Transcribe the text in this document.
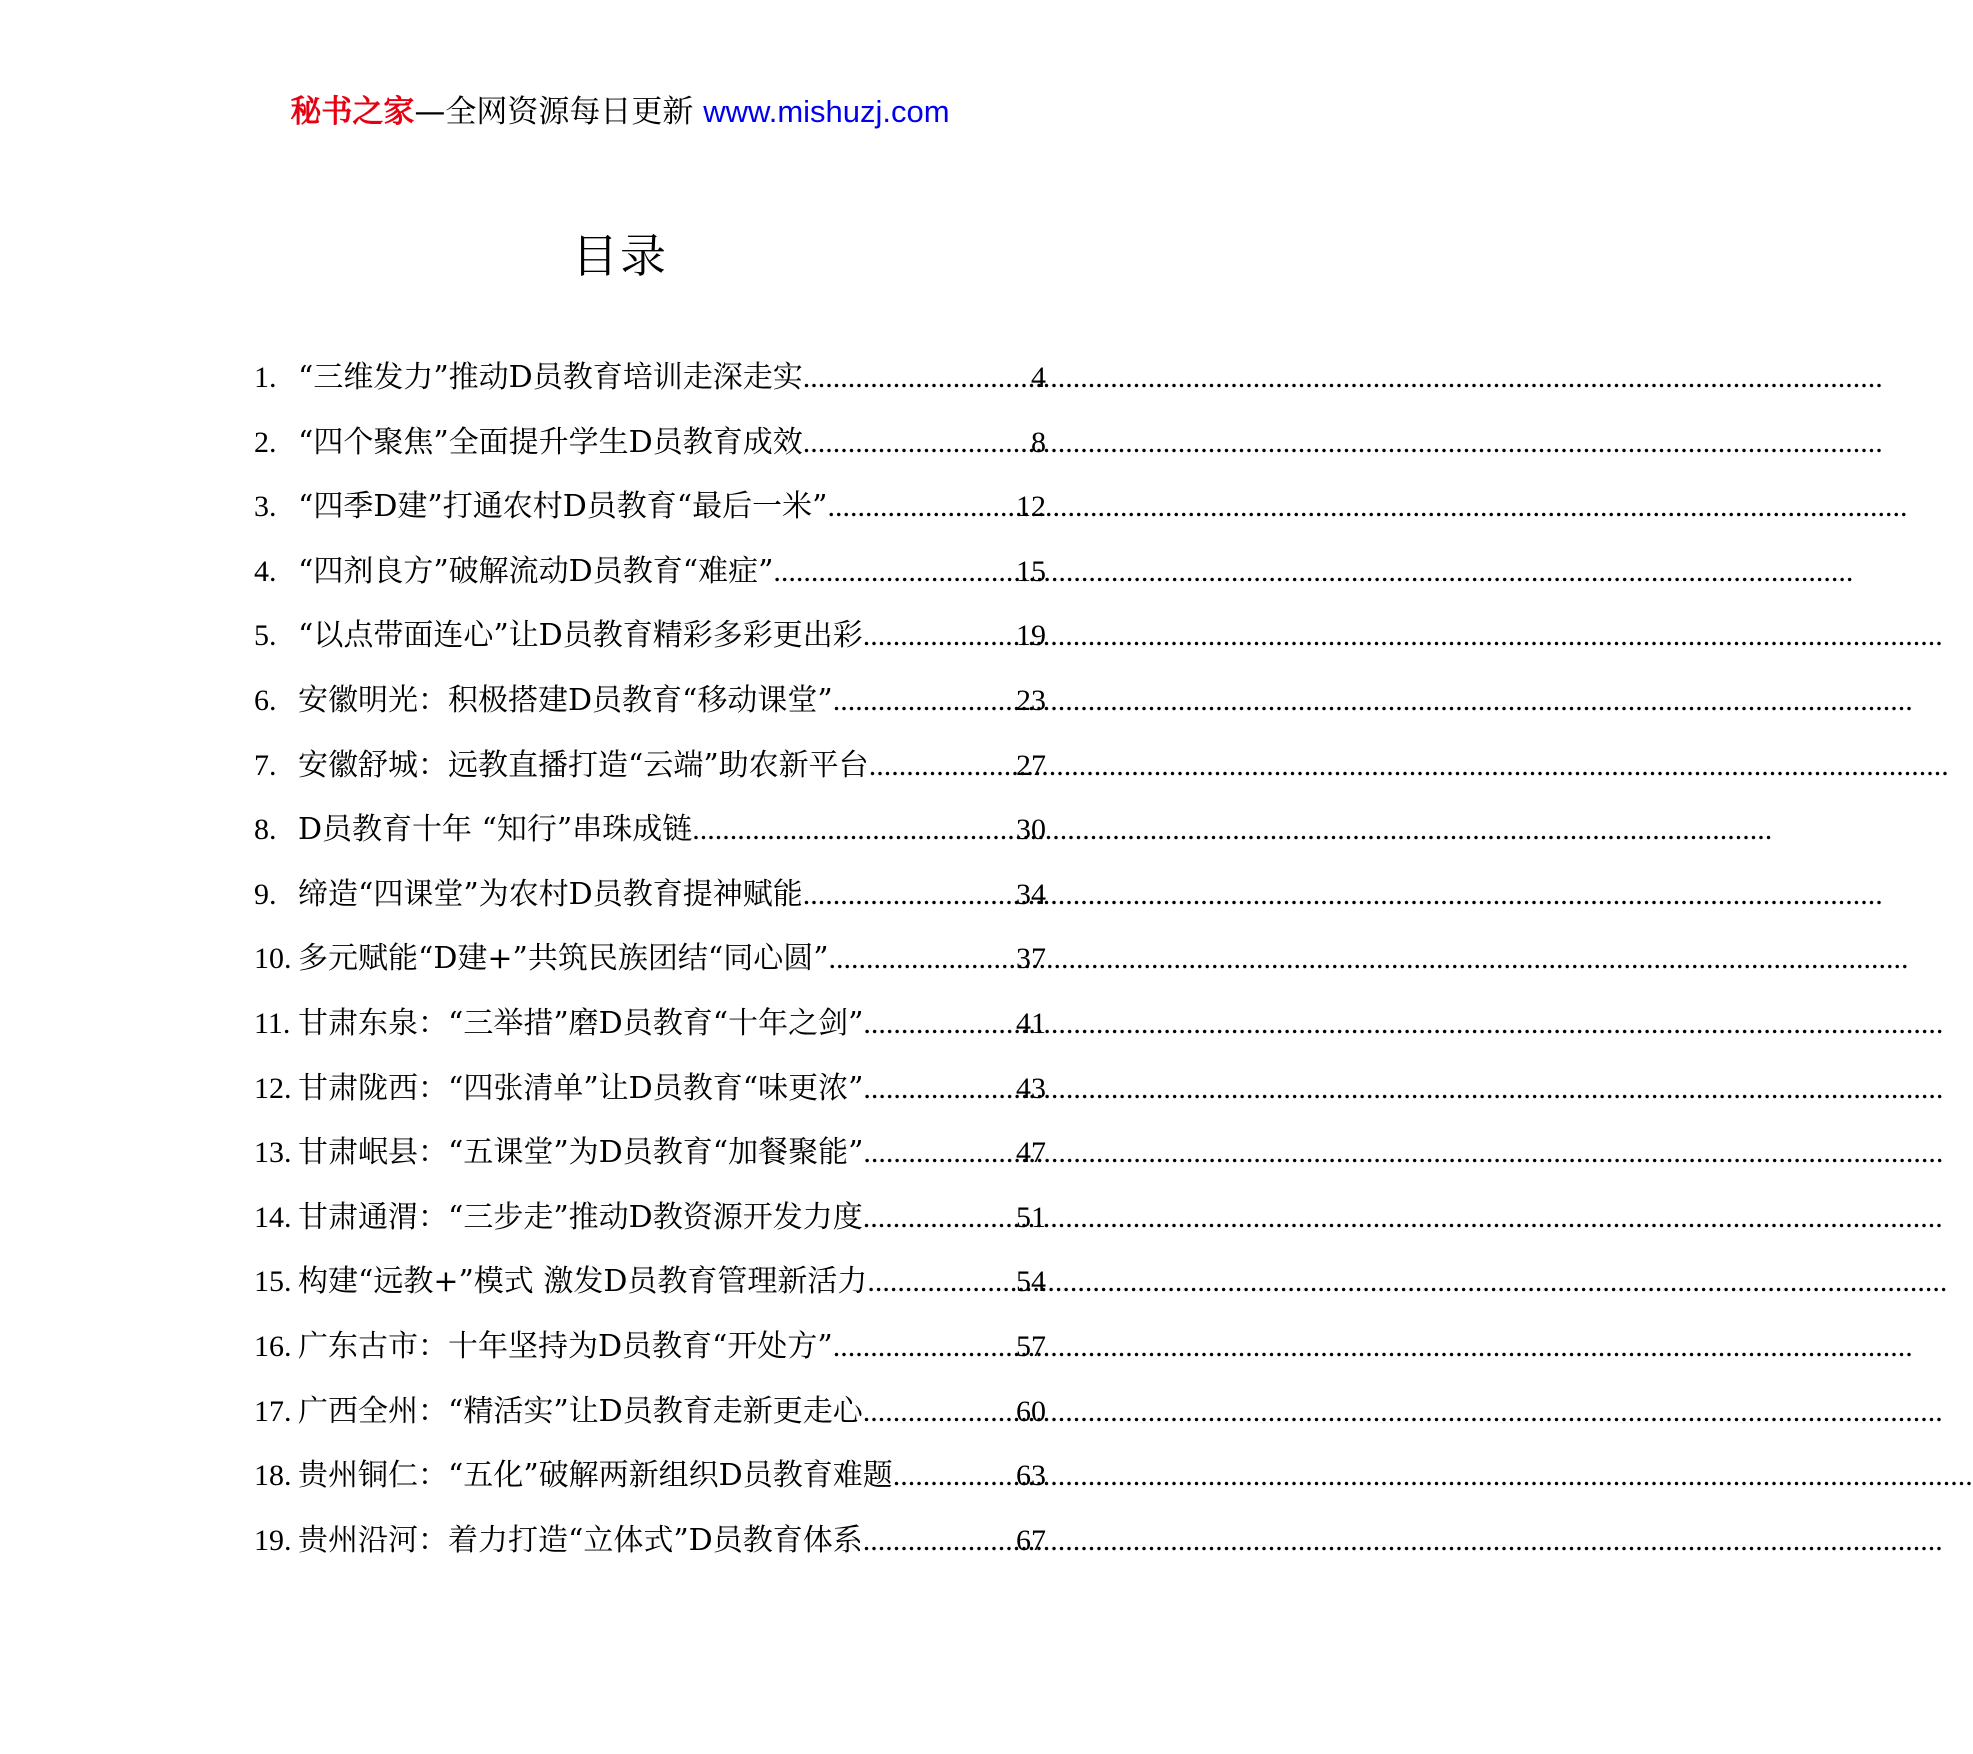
秘书之家—全网资源每日更新 www.mishuzj.com
目录
1. “三维发力”推动D员教育培训走深走实 .....	4
2. “四个聚焦”全面提升学生D员教育成效 .....	8
3. “四季D建”打通农村D员教育“最后一米” .....	12
4. “四剂良方”破解流动D员教育“难症” .....	15
5. “以点带面连心”让D员教育精彩多彩更出彩 .....	19
6. 安徽明光：积极搭建D员教育“移动课堂” .....	23
7. 安徽舒城：远教直播打造“云端”助农新平台 .....	27
8. D员教育十年 “知行”串珠成链 .....	30
9. 缔造“四课堂”为农村D员教育提神赋能 .....	34
10. 多元赋能“D建+”共筑民族团结“同心圆” .....	37
11. 甘肃东泉：“三举措”磨D员教育“十年之剑” .....	41
12. 甘肃陇西：“四张清单”让D员教育“味更浓” .....	43
13. 甘肃岷县：“五课堂”为D员教育“加餐聚能” .....	47
14. 甘肃通渭：“三步走”推动D教资源开发力度 .....	51
15. 构建“远教+”模式 激发D员教育管理新活力 .....	54
16. 广东古市：十年坚持为D员教育“开处方” .....	57
17. 广西全州：“精活实”让D员教育走新更走心 .....	60
18. 贵州铜仁：“五化”破解两新组织D员教育难题 .....	63
19. 贵州沿河：着力打造“立体式”D员教育体系 .....	67
